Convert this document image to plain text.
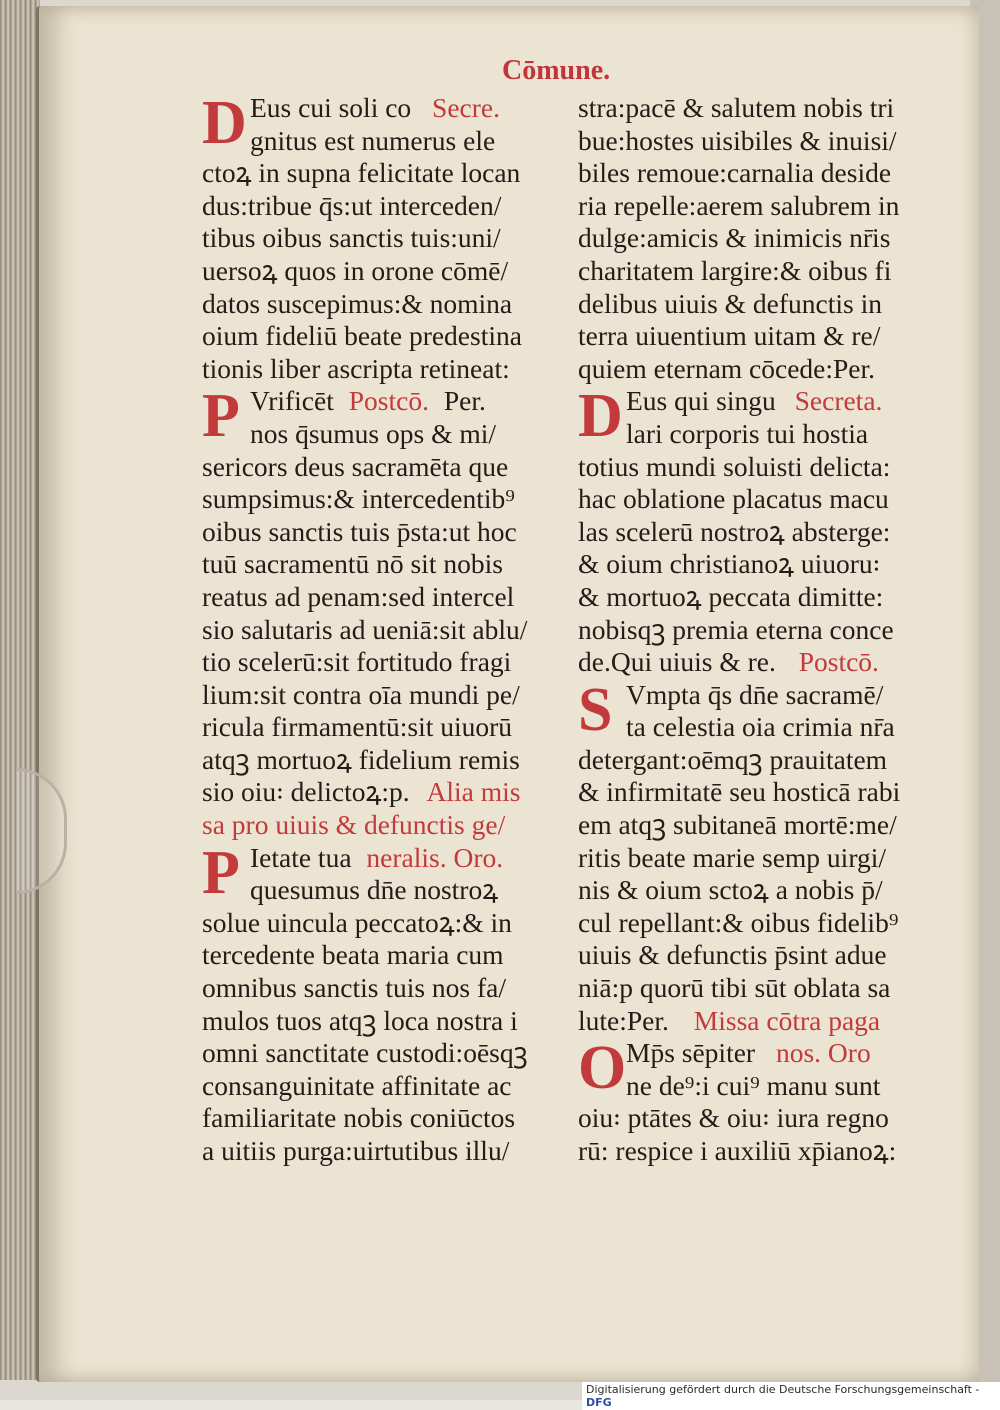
Cōmune.
D Eus cui soli co Secre.
gnitus est numerus ele
ctoꝝ in supna felicitate locan
dus:tribue q̄s:ut interceden/
tibus oibus sanctis tuis:uni/
uersoꝝ quos in orone cōmē/
datos suscepimus:& nomina
oium fideliū beate predestina
tionis liber ascripta retineat:
P Vrificēt Postcō. Per.
nos q̄sumus ops & mi/
sericors deus sacramēta que
sumpsimus:& intercedentib⁹
oibus sanctis tuis p̄sta:ut hoc
tuū sacramentū nō sit nobis
reatus ad penam:sed intercel
sio salutaris ad ueniā:sit ablu/
tio scelerū:sit fortitudo fragi
lium:sit contra oīa mundi pe/
ricula firmamentū:sit uiuorū
atqꝫ mortuoꝝ fidelium remis
sio oiu꞉ delictoꝝ:p. Alia mis
sa pro uiuis & defunctis ge/
P Ietate tua neralis. Oro.
quesumus dn̄e nostroꝝ
solue uincula peccatoꝝ:& in
tercedente beata maria cum
omnibus sanctis tuis nos fa/
mulos tuos atqꝫ loca nostra i
omni sanctitate custodi:oēsqꝫ
consanguinitate affinitate ac
familiaritate nobis coniūctos
a uitiis purga:uirtutibus illu/
stra:pacē & salutem nobis tri
bue:hostes uisibiles & inuisi/
biles remoue:carnalia deside
ria repelle:aerem salubrem in
dulge:amicis & inimicis nr̄is
charitatem largire:& oibus fi
delibus uiuis & defunctis in
terra uiuentium uitam & re/
quiem eternam cōcede:Per.
D Eus qui singu Secreta.
lari corporis tui hostia
totius mundi soluisti delicta:
hac oblatione placatus macu
las scelerū nostroꝝ absterge:
& oium christianoꝝ uiuoru꞉
& mortuoꝝ peccata dimitte:
nobisqꝫ premia eterna conce
de.Qui uiuis & re. Postcō.
S Vmpta q̄s dn̄e sacramē/
ta celestia oia crimia nr̄a
detergant:oēmqꝫ prauitatem
& infirmitatē seu hosticā rabi
em atqꝫ subitaneā mortē:me/
ritis beate marie semp uirgi/
nis & oium sctoꝝ a nobis p̄/
cul repellant:& oibus fidelib⁹
uiuis & defunctis p̄sint adue
niā:p quorū tibi sūt oblata sa
lute:Per. Missa cōtra paga
O Mp̄s sēpiter nos. Oro
ne de⁹:i cui⁹ manu sunt
oiu꞉ ptātes & oiu꞉ iura regno
rū: respice i auxiliū xp̄ianoꝝ:
Digitalisierung gefördert durch die Deutsche Forschungsgemeinschaft - DFG
